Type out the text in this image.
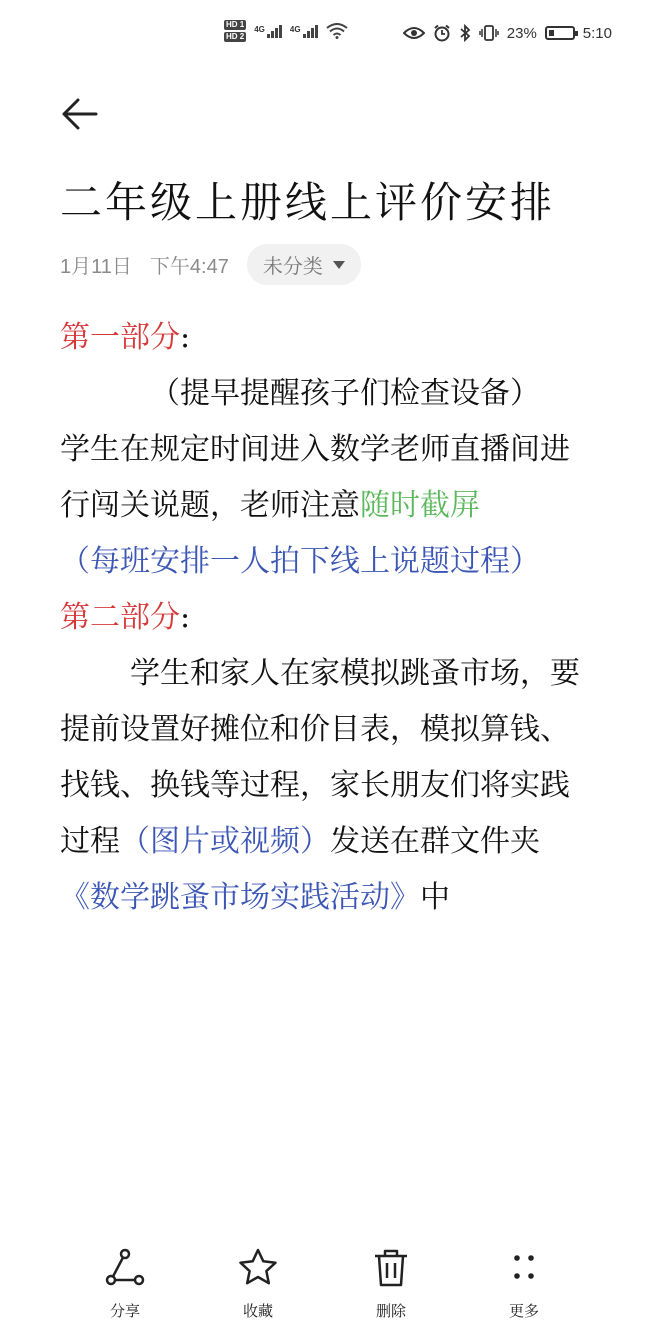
HD 1
HD 2
4G	4G	23%	5:10
二年级上册线上评价安排
1月11日 下午4:47 未分类

第一部分:

（提早提醒孩子们检查设备）

学生在规定时间进入数学老师直播间进行闯关说题，老师注意随时截屏

（每班安排一人拍下线上说题过程）

第二部分:

学生和家人在家模拟跳蚤市场，要提前设置好摊位和价目表，模拟算钱、找钱、换钱等过程，家长朋友们将实践过程（图片或视频）发送在群文件夹《数学跳蚤市场实践活动》中

分享	收藏	删除	更多
